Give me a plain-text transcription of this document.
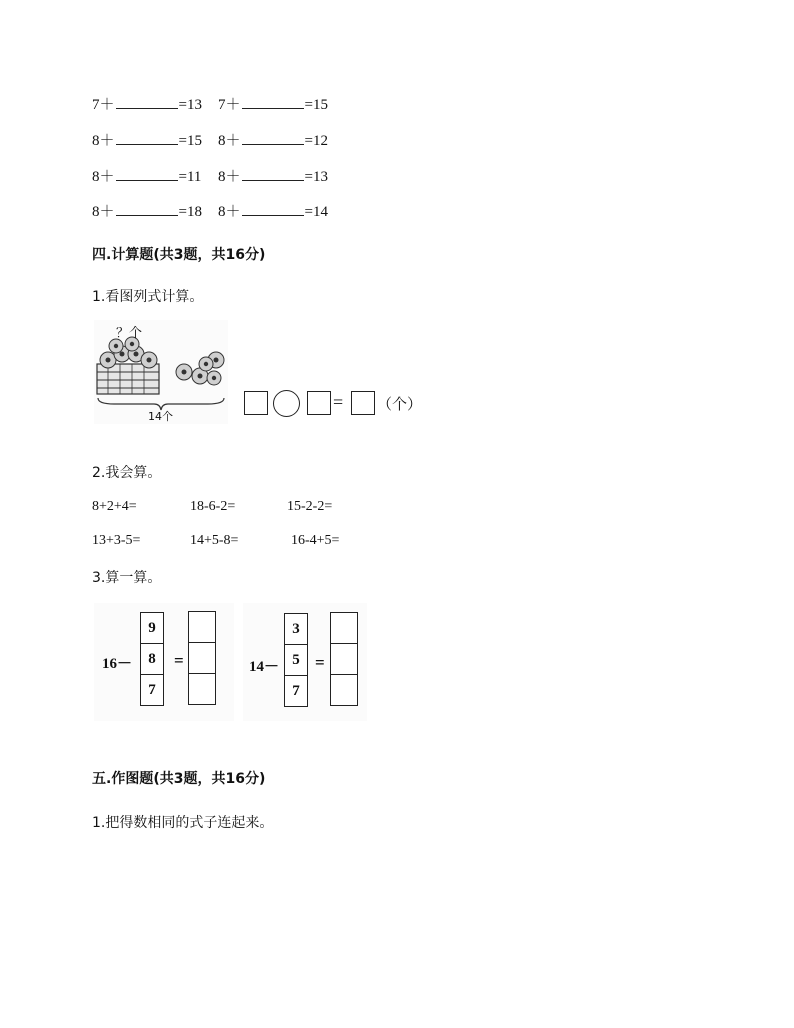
7＋	=13 7＋	=15
8＋	=15 8＋	=12
8＋	=11 8＋	=13
8＋	=18 8＋	=14
四.计算题(共3题，共16分)
1.看图列式计算。
？个
14个
= （个）
2.我会算。
8+2+4=	18-6-2=	15-2-2=
13+3-5=	14+5-8=	16-4+5=
3.算一算。
16－
9
8
7
=	14－
3
5
7
=
五.作图题(共3题，共16分)
1.把得数相同的式子连起来。
